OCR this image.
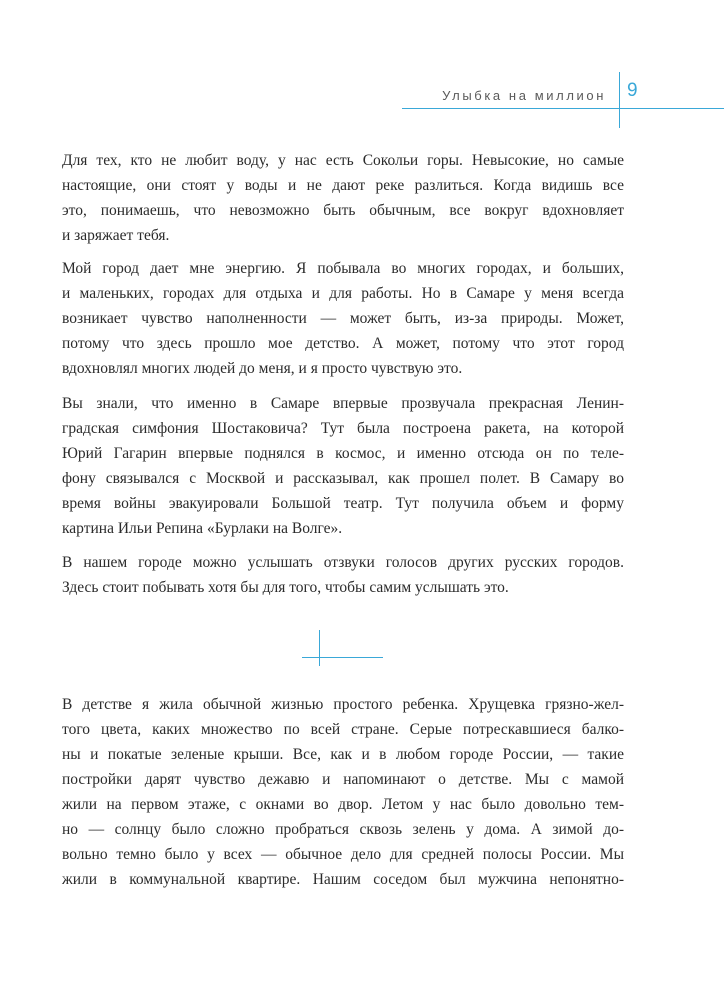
Улыбка на миллион 9
Для тех, кто не любит воду, у нас есть Сокольи горы. Невысокие, но самые
настоящие, они стоят у воды и не дают реке разлиться. Когда видишь все
это, понимаешь, что невозможно быть обычным, все вокруг вдохновляет
и заряжает тебя.
Мой город дает мне энергию. Я побывала во многих городах, и больших,
и маленьких, городах для отдыха и для работы. Но в Самаре у меня всегда
возникает чувство наполненности — может быть, из-за природы. Может,
потому что здесь прошло мое детство. А может, потому что этот город
вдохновлял многих людей до меня, и я просто чувствую это.
Вы знали, что именно в Самаре впервые прозвучала прекрасная Ленин-
градская симфония Шостаковича? Тут была построена ракета, на которой
Юрий Гагарин впервые поднялся в космос, и именно отсюда он по теле-
фону связывался с Москвой и рассказывал, как прошел полет. В Самару во
время войны эвакуировали Большой театр. Тут получила объем и форму
картина Ильи Репина «Бурлаки на Волге».
В нашем городе можно услышать отзвуки голосов других русских городов.
Здесь стоит побывать хотя бы для того, чтобы самим услышать это.
В детстве я жила обычной жизнью простого ребенка. Хрущевка грязно-жел-
того цвета, каких множество по всей стране. Серые потрескавшиеся балко-
ны и покатые зеленые крыши. Все, как и в любом городе России, — такие
постройки дарят чувство дежавю и напоминают о детстве. Мы с мамой
жили на первом этаже, с окнами во двор. Летом у нас было довольно тем-
но — солнцу было сложно пробраться сквозь зелень у дома. А зимой до-
вольно темно было у всех — обычное дело для средней полосы России. Мы
жили в коммунальной квартире. Нашим соседом был мужчина непонятно-
